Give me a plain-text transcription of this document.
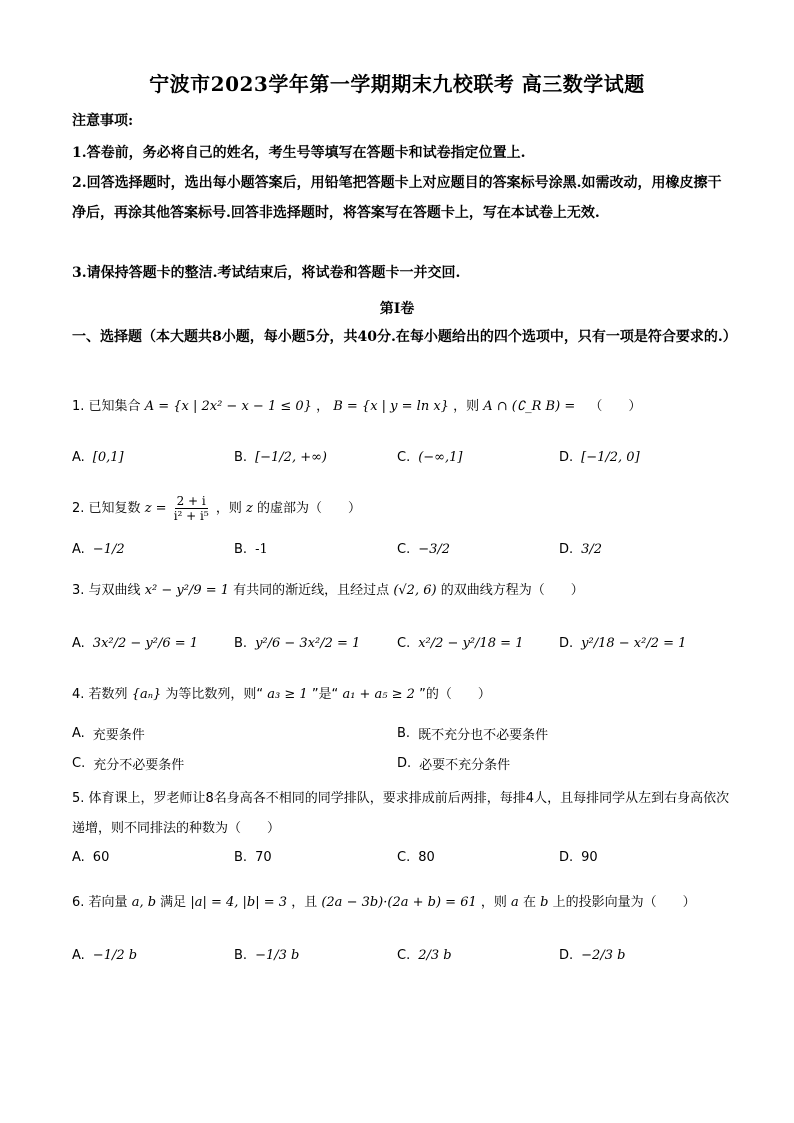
宁波市2023学年第一学期期末九校联考 高三数学试题
注意事项:
1.答卷前，务必将自己的姓名，考生号等填写在答题卡和试卷指定位置上.
2.回答选择题时，选出每小题答案后，用铅笔把答题卡上对应题目的答案标号涂黑.如需改动，用橡皮擦干净后，再涂其他答案标号.回答非选择题时，将答案写在答题卡上，写在本试卷上无效.
3.请保持答题卡的整洁.考试结束后，将试卷和答题卡一并交回.
第Ⅰ卷
一、选择题（本大题共8小题，每小题5分，共40分.在每小题给出的四个选项中，只有一项是符合要求的.）
1. 已知集合 A = {x | 2x² − x − 1 ≤ 0} ， B = {x | y = ln x} ，则 A ∩ (∁_R B) = （　　）
A. [0,1]	B. [−1/2, +∞)	C. (−∞,1]	D. [−1/2, 0]
2. 已知复数 $z = \frac{2 + i}{\text{i² + i⁵}}$ ，则 z 的虚部为（　　）
A. −1/2	B. -1	C. −3/2	D. 3/2
3. 与双曲线 x² − y²/9 = 1 有共同的渐近线，且经过点 (√2, 6) 的双曲线方程为（　　）
A. 3x²/2 − y²/6 = 1	B. y²/6 − 3x²/2 = 1	C. x²/2 − y²/18 = 1	D. y²/18 − x²/2 = 1
4. 若数列 {aₙ} 为等比数列，则“ a₃ ≥ 1 ”是“ a₁ + a₅ ≥ 2 ”的（　　）
A. 充要条件	B. 既不充分也不必要条件
C. 充分不必要条件	D. 必要不充分条件
5. 体育课上，罗老师让8名身高各不相同的同学排队，要求排成前后两排，每排4人，且每排同学从左到右身高依次递增，则不同排法的种数为（　　）
A. 60	B. 70	C. 80	D. 90
6. 若向量 a, b 满足 |a| = 4, |b| = 3 ，且 (2a − 3b)·(2a + b) = 61 ，则 a 在 b 上的投影向量为（　　）
A. −1/2 b	B. −1/3 b	C. 2/3 b	D. −2/3 b
